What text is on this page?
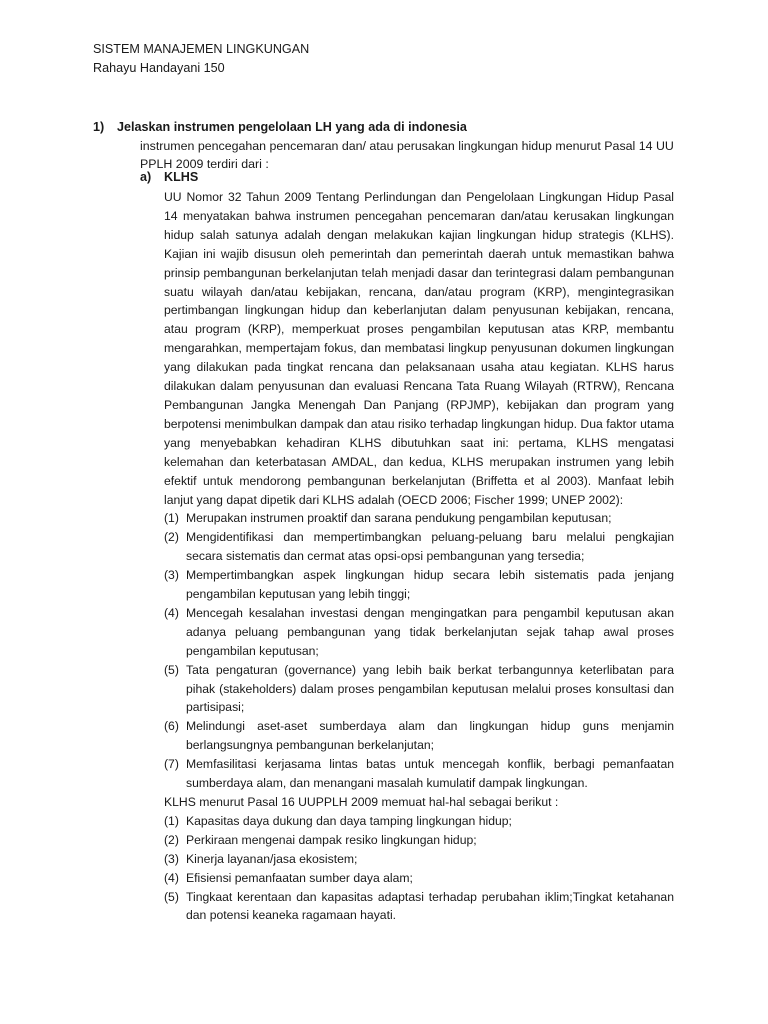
SISTEM MANAJEMEN LINGKUNGAN
Rahayu Handayani 150
1) Jelaskan instrumen pengelolaan LH yang ada di indonesia
instrumen pencegahan pencemaran dan/ atau perusakan lingkungan hidup menurut Pasal 14 UU PPLH 2009 terdiri dari :
a) KLHS

UU Nomor 32 Tahun 2009 Tentang Perlindungan dan Pengelolaan Lingkungan Hidup Pasal 14 menyatakan bahwa instrumen pencegahan pencemaran dan/atau kerusakan lingkungan hidup salah satunya adalah dengan melakukan kajian lingkungan hidup strategis (KLHS). Kajian ini wajib disusun oleh pemerintah dan pemerintah daerah untuk memastikan bahwa prinsip pembangunan berkelanjutan telah menjadi dasar dan terintegrasi dalam pembangunan suatu wilayah dan/atau kebijakan, rencana, dan/atau program (KRP), mengintegrasikan pertimbangan lingkungan hidup dan keberlanjutan dalam penyusunan kebijakan, rencana, atau program (KRP), memperkuat proses pengambilan keputusan atas KRP, membantu mengarahkan, mempertajam fokus, dan membatasi lingkup penyusunan dokumen lingkungan yang dilakukan pada tingkat rencana dan pelaksanaan usaha atau kegiatan. KLHS harus dilakukan dalam penyusunan dan evaluasi Rencana Tata Ruang Wilayah (RTRW), Rencana Pembangunan Jangka Menengah Dan Panjang (RPJMP), kebijakan dan program yang berpotensi menimbulkan dampak dan atau risiko terhadap lingkungan hidup. Dua faktor utama yang menyebabkan kehadiran KLHS dibutuhkan saat ini: pertama, KLHS mengatasi kelemahan dan keterbatasan AMDAL, dan kedua, KLHS merupakan instrumen yang lebih efektif untuk mendorong pembangunan berkelanjutan (Briffetta et al 2003). Manfaat lebih lanjut yang dapat dipetik dari KLHS adalah (OECD 2006; Fischer 1999; UNEP 2002):

(1) Merupakan instrumen proaktif dan sarana pendukung pengambilan keputusan;
(2) Mengidentifikasi dan mempertimbangkan peluang-peluang baru melalui pengkajian secara sistematis dan cermat atas opsi-opsi pembangunan yang tersedia;
(3) Mempertimbangkan aspek lingkungan hidup secara lebih sistematis pada jenjang pengambilan keputusan yang lebih tinggi;
(4) Mencegah kesalahan investasi dengan mengingatkan para pengambil keputusan akan adanya peluang pembangunan yang tidak berkelanjutan sejak tahap awal proses pengambilan keputusan;
(5) Tata pengaturan (governance) yang lebih baik berkat terbangunnya keterlibatan para pihak (stakeholders) dalam proses pengambilan keputusan melalui proses konsultasi dan partisipasi;
(6) Melindungi aset-aset sumberdaya alam dan lingkungan hidup guns menjamin berlangsungnya pembangunan berkelanjutan;
(7) Memfasilitasi kerjasama lintas batas untuk mencegah konflik, berbagi pemanfaatan sumberdaya alam, dan menangani masalah kumulatif dampak lingkungan.

KLHS menurut Pasal 16 UUPPLH 2009 memuat hal-hal sebagai berikut :

(1) Kapasitas daya dukung dan daya tamping lingkungan hidup;
(2) Perkiraan mengenai dampak resiko lingkungan hidup;
(3) Kinerja layanan/jasa ekosistem;
(4) Efisiensi pemanfaatan sumber daya alam;
(5) Tingkaat kerentaan dan kapasitas adaptasi terhadap perubahan iklim;Tingkat ketahanan dan potensi keaneka ragamaan hayati.
